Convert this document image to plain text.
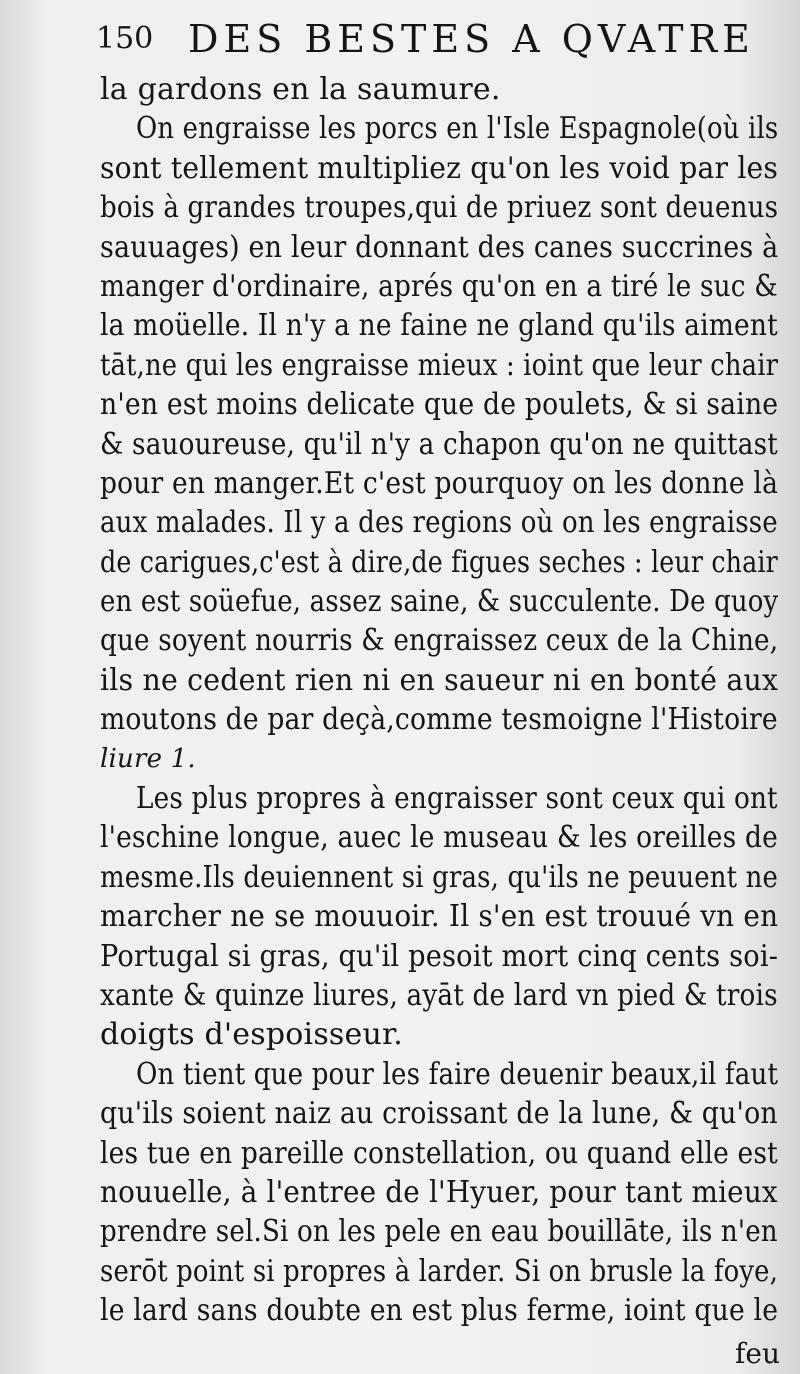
150 DES BESTES A QVATRE
la gardons en la saumure.
On engraisse les porcs en l'Isle Espagnole(où ils
sont tellement multipliez qu'on les void par les
bois à grandes troupes,qui de priuez sont deuenus
sauuages) en leur donnant des canes succrines à
manger d'ordinaire, aprés qu'on en a tiré le suc &
la moüelle. Il n'y a ne faine ne gland qu'ils aiment
tāt,ne qui les engraisse mieux : ioint que leur chair
n'en est moins delicate que de poulets, & si saine
& sauoureuse, qu'il n'y a chapon qu'on ne quittast
pour en manger.Et c'est pourquoy on les donne là
aux malades. Il y a des regions où on les engraisse
de carigues,c'est à dire,de figues seches : leur chair
en est soüefue, assez saine, & succulente. De quoy
que soyent nourris & engraissez ceux de la Chine,
ils ne cedent rien ni en saueur ni en bonté aux
moutons de par deçà,comme tesmoigne l'Histoire
liure 1.
Les plus propres à engraisser sont ceux qui ont
l'eschine longue, auec le museau & les oreilles de
mesme.Ils deuiennent si gras, qu'ils ne peuuent ne
marcher ne se mouuoir. Il s'en est trouué vn en
Portugal si gras, qu'il pesoit mort cinq cents soi-
xante & quinze liures, ayāt de lard vn pied & trois
doigts d'espoisseur.
On tient que pour les faire deuenir beaux,il faut
qu'ils soient naiz au croissant de la lune, & qu'on
les tue en pareille constellation, ou quand elle est
nouuelle, à l'entree de l'Hyuer, pour tant mieux
prendre sel.Si on les pele en eau bouillāte, ils n'en
serōt point si propres à larder. Si on brusle la foye,
le lard sans doubte en est plus ferme, ioint que le
feu
